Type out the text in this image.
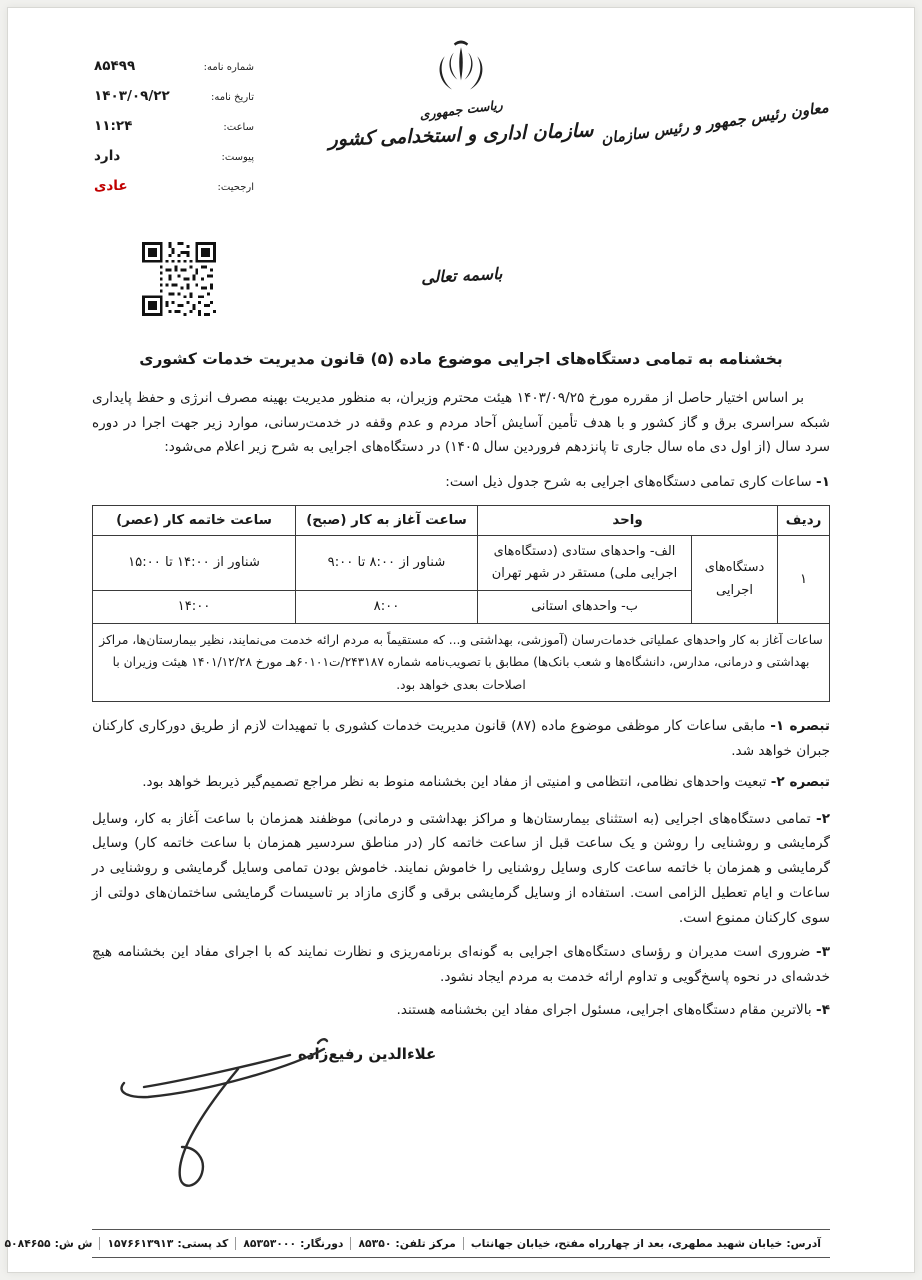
شماره نامه:
۸۵۴۹۹
تاریخ نامه:
۱۴۰۳/۰۹/۲۲
ساعت:
۱۱:۲۴
پیوست:
دارد
ارجحیت:
عادی
ریاست جمهوری
سازمان اداری و استخدامی کشور معاون رئیس جمهور و رئیس سازمان
باسمه تعالی
بخشنامه به تمامی دستگاه‌های اجرایی موضوع ماده (۵) قانون مدیریت خدمات کشوری

بر اساس اختیار حاصل از مقرره مورخ ۱۴۰۳/۰۹/۲۵ هیئت محترم وزیران، به منظور مدیریت بهینه مصرف انرژی و حفظ پایداری شبکه سراسری برق و گاز کشور و با هدف تأمین آسایش آحاد مردم و عدم وقفه در خدمت‌رسانی، موارد زیر جهت اجرا در دوره سرد سال (از اول دی ماه سال جاری تا پانزدهم فروردین سال ۱۴۰۵) در دستگاه‌های اجرایی به شرح زیر اعلام می‌شود:

۱- ساعات کاری تمامی دستگاه‌های اجرایی به شرح جدول ذیل است:

ردیف	واحد		ساعت آغاز به کار (صبح)	ساعت خاتمه کار (عصر)
۱	دستگاه‌های اجرایی	الف- واحدهای ستادی (دستگاه‌های اجرایی ملی) مستقر در شهر تهران	شناور از ۸:۰۰ تا ۹:۰۰	شناور از ۱۴:۰۰ تا ۱۵:۰۰
		ب- واحدهای استانی	۸:۰۰	۱۴:۰۰
ساعات آغاز به کار واحدهای عملیاتی خدمات‌رسان (آموزشی، بهداشتی و... که مستقیماً به مردم ارائه خدمت می‌نمایند، نظیر بیمارستان‌ها، مراکز بهداشتی و درمانی، مدارس، دانشگاه‌ها و شعب بانک‌ها) مطابق با تصویب‌نامه شماره ۲۴۳۱۸۷/ت۶۰۱۰۱هـ مورخ ۱۴۰۱/۱۲/۲۸ هیئت وزیران با اصلاحات بعدی خواهد بود.				

تبصره ۱- مابقی ساعات کار موظفی موضوع ماده (۸۷) قانون مدیریت خدمات کشوری با تمهیدات لازم از طریق دورکاری کارکنان جبران خواهد شد.

تبصره ۲- تبعیت واحدهای نظامی، انتظامی و امنیتی از مفاد این بخشنامه منوط به نظر مراجع تصمیم‌گیر ذیربط خواهد بود.

۲- تمامی دستگاه‌های اجرایی (به استثنای بیمارستان‌ها و مراکز بهداشتی و درمانی) موظفند همزمان با ساعت آغاز به کار، وسایل گرمایشی و روشنایی را روشن و یک ساعت قبل از ساعت خاتمه کار (در مناطق سردسیر همزمان با ساعت خاتمه کار) وسایل گرمایشی و همزمان با خاتمه ساعت کاری وسایل روشنایی را خاموش نمایند. خاموش بودن تمامی وسایل گرمایشی و روشنایی در ساعات و ایام تعطیل الزامی است. استفاده از وسایل گرمایشی برقی و گازی مازاد بر تاسیسات گرمایشی ساختمان‌های دولتی از سوی کارکنان ممنوع است.

۳- ضروری است مدیران و رؤسای دستگاه‌های اجرایی به گونه‌ای برنامه‌ریزی و نظارت نمایند که با اجرای مفاد این بخشنامه هیچ خدشه‌ای در نحوه پاسخ‌گویی و تداوم ارائه خدمت به مردم ایجاد نشود.

۴- بالاترین مقام دستگاه‌های اجرایی، مسئول اجرای مفاد این بخشنامه هستند.

علاءالدین رفیع‌زاده
آدرس:
خیابان شهید مطهری، بعد از چهارراه مفتح، خیابان جهانتاب
مرکز تلفن:
۸۵۳۵۰
دورنگار:
۸۵۳۵۳۰۰۰
کد پستی:
۱۵۷۶۶۱۳۹۱۳
ش ش:
۵۰۸۴۶۵۵
